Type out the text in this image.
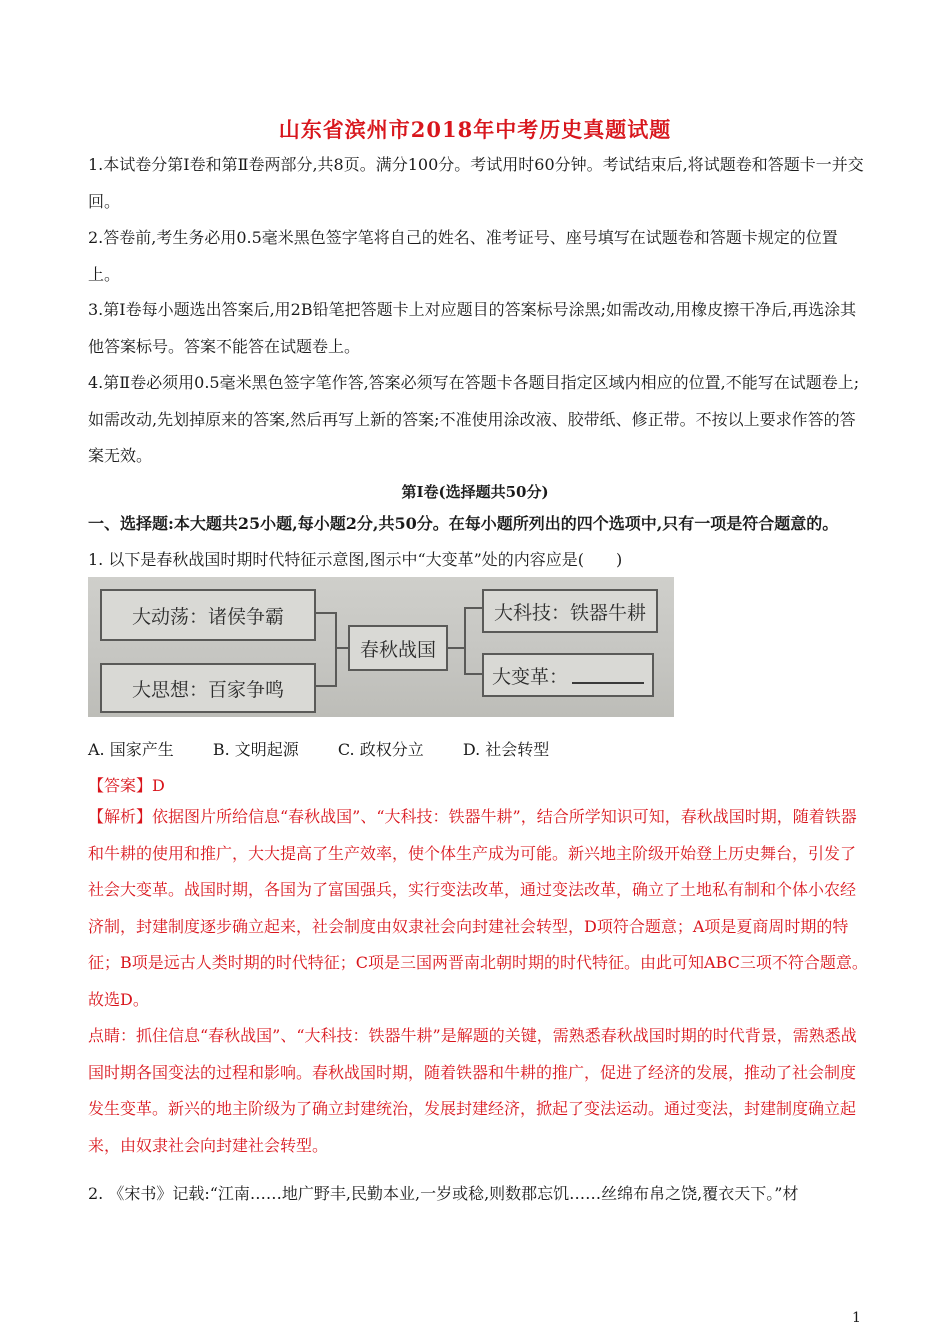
山东省滨州市2018年中考历史真题试题
1.本试卷分第Ⅰ卷和第Ⅱ卷两部分,共8页。满分100分。考试用时60分钟。考试结束后,将试题卷和答题卡一并交回。
2.答卷前,考生务必用0.5毫米黑色签字笔将自己的姓名、准考证号、座号填写在试题卷和答题卡规定的位置上。
3.第Ⅰ卷每小题选出答案后,用2B铅笔把答题卡上对应题目的答案标号涂黑;如需改动,用橡皮擦干净后,再选涂其他答案标号。答案不能答在试题卷上。
4.第Ⅱ卷必须用0.5毫米黑色签字笔作答,答案必须写在答题卡各题目指定区域内相应的位置,不能写在试题卷上;如需改动,先划掉原来的答案,然后再写上新的答案;不准使用涂改液、胶带纸、修正带。不按以上要求作答的答案无效。
第Ⅰ卷(选择题共50分)
一、选择题:本大题共25小题,每小题2分,共50分。在每小题所列出的四个选项中,只有一项是符合题意的。
1. 以下是春秋战国时期时代特征示意图,图示中“大变革”处的内容应是(　　)
大动荡：诸侯争霸
大思想：百家争鸣
春秋战国
大科技：铁器牛耕
大变革：
A. 国家产生 B. 文明起源 C. 政权分立 D. 社会转型
【答案】D
【解析】依据图片所给信息“春秋战国”、“大科技：铁器牛耕”，结合所学知识可知，春秋战国时期，随着铁器和牛耕的使用和推广，大大提高了生产效率，使个体生产成为可能。新兴地主阶级开始登上历史舞台，引发了社会大变革。战国时期，各国为了富国强兵，实行变法改革，通过变法改革，确立了土地私有制和个体小农经济制，封建制度逐步确立起来，社会制度由奴隶社会向封建社会转型，D项符合题意；A项是夏商周时期的特征；B项是远古人类时期的时代特征；C项是三国两晋南北朝时期的时代特征。由此可知ABC三项不符合题意。故选D。
点睛：抓住信息“春秋战国”、“大科技：铁器牛耕”是解题的关键，需熟悉春秋战国时期的时代背景，需熟悉战国时期各国变法的过程和影响。春秋战国时期，随着铁器和牛耕的推广，促进了经济的发展，推动了社会制度发生变革。新兴的地主阶级为了确立封建统治，发展封建经济，掀起了变法运动。通过变法，封建制度确立起来，由奴隶社会向封建社会转型。
2. 《宋书》记载:“江南……地广野丰,民勤本业,一岁或稔,则数郡忘饥……丝绵布帛之饶,覆衣天下。”材
1
